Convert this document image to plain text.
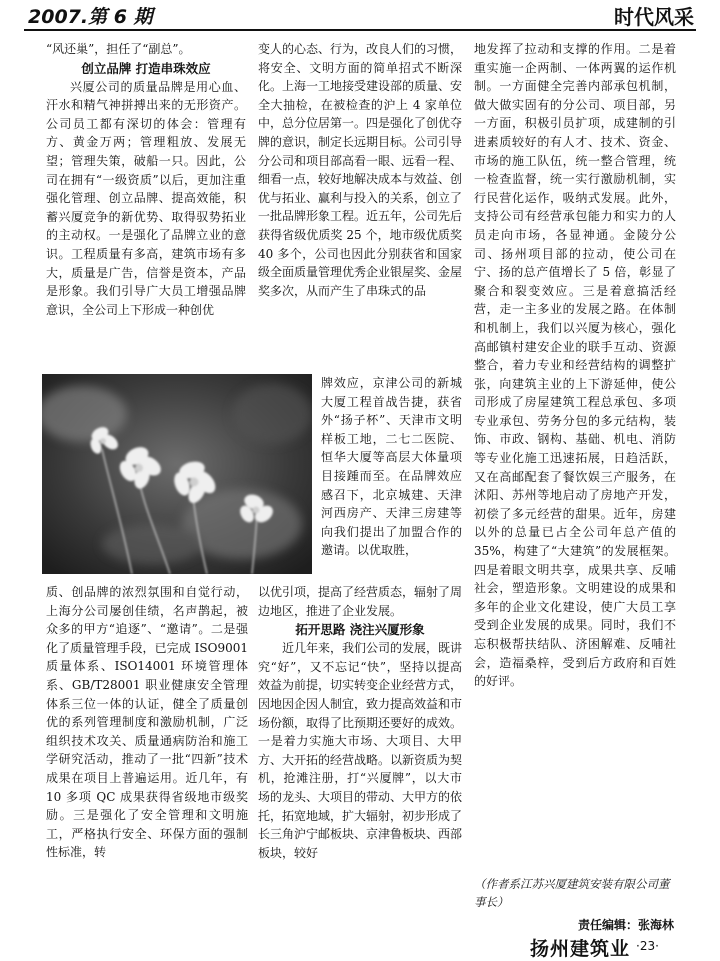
2007.第 6 期	时代风采

“风还巢”，担任了“副总”。

创立品牌 打造串珠效应

兴厦公司的质量品牌是用心血、汗水和精气神拼搏出来的无形资产。公司员工都有深切的体会：管理有方、黄金万两；管理粗放、发展无望；管理失策，破船一只。因此，公司在拥有“一级资质”以后，更加注重强化管理、创立品牌、提高效能，积蓄兴厦竞争的新优势、取得驭势拓业的主动权。一是强化了品牌立业的意识。工程质量有多高，建筑市场有多大，质量是广告，信誉是资本，产品是形象。我们引导广大员工增强品牌意识，全公司上下形成一种创优

质、创品牌的浓烈氛围和自觉行动，上海分公司屡创佳绩，名声鹊起，被众多的甲方“追逐”、“邀请”。二是强化了质量管理手段，已完成 ISO9001 质量体系、ISO14001 环境管理体系、GB/T28001 职业健康安全管理体系三位一体的认证，健全了质量创优的系列管理制度和激励机制，广泛组织技术攻关、质量通病防治和施工学研究活动，推动了一批“四新”技术成果在项目上普遍运用。近几年，有 10 多项 QC 成果获得省级地市级奖励。三是强化了安全管理和文明施工，严格执行安全、环保方面的强制性标准，转

变人的心态、行为，改良人们的习惯，将安全、文明方面的简单招式不断深化。上海一工地接受建设部的质量、安全大抽检，在被检查的沪上 4 家单位中，总分位居第一。四是强化了创优夺牌的意识，制定长远期目标。公司引导分公司和项目部高看一眼、远看一程、细看一点，较好地解决成本与效益、创优与拓业、赢利与投入的关系，创立了一批品牌形象工程。近五年，公司先后获得省级优质奖 25 个，地市级优质奖 40 多个，公司也因此分别获省和国家级全面质量管理优秀企业银屋奖、金屋奖多次，从而产生了串珠式的品

牌效应，京津公司的新城大厦工程首战告捷，获省外“扬子杯”、天津市文明样板工地，二七二医院、恒华大厦等高层大体量项目接踵而至。在品牌效应感召下，北京城建、天津河西房产、天津三房建等向我们提出了加盟合作的邀请。以优取胜，

以优引项，提高了经营质态，辐射了周边地区，推进了企业发展。

拓开思路 浇注兴厦形象

近几年来，我们公司的发展，既讲究“好”，又不忘记“快”，坚持以提高效益为前提，切实转变企业经营方式，因地因企因人制宜，致力提高效益和市场份额，取得了比预期还要好的成效。一是着力实施大市场、大项目、大甲方、大开拓的经营战略。以新资质为契机，抢滩注册，打“兴厦牌”，以大市场的龙头、大项目的带动、大甲方的依托，拓宽地域，扩大辐射，初步形成了长三角沪宁邮板块、京津鲁板块、西部板块，较好

地发挥了拉动和支撑的作用。二是着重实施一企两制、一体两翼的运作机制。一方面健全完善内部承包机制，做大做实固有的分公司、项目部，另一方面，积极引员扩项，成建制的引进素质较好的有人才、技术、资金、市场的施工队伍，统一整合管理，统一检查监督，统一实行激励机制，实行民营化运作，吸纳式发展。此外，支持公司有经营承包能力和实力的人员走向市场，各显神通。金陵分公司、扬州项目部的拉动，使公司在宁、扬的总产值增长了 5 倍，彰显了聚合和裂变效应。三是着意搞活经营，走一主多业的发展之路。在体制和机制上，我们以兴厦为核心，强化高邮镇村建安企业的联手互动、资源整合，着力专业和经营结构的调整扩张，向建筑主业的上下游延伸，使公司形成了房屋建筑工程总承包、多项专业承包、劳务分包的多元结构，装饰、市政、钢构、基础、机电、消防等专业化施工迅速拓展，日趋活跃，又在高邮配套了餐饮娱三产服务，在沭阳、苏州等地启动了房地产开发，初偿了多元经营的甜果。近年，房建以外的总量已占全公司年总产值的 35%，构建了“大建筑”的发展框架。四是着眼文明共享，成果共享、反哺社会，塑造形象。文明建设的成果和多年的企业文化建设，使广大员工享受到企业发展的成果。同时，我们不忘积极帮扶结队、济困解难、反哺社会，造福桑梓，受到后方政府和百姓的好评。

（作者系江苏兴厦建筑安装有限公司董事长）
责任编辑：张海林
扬州建筑业 ·23·
